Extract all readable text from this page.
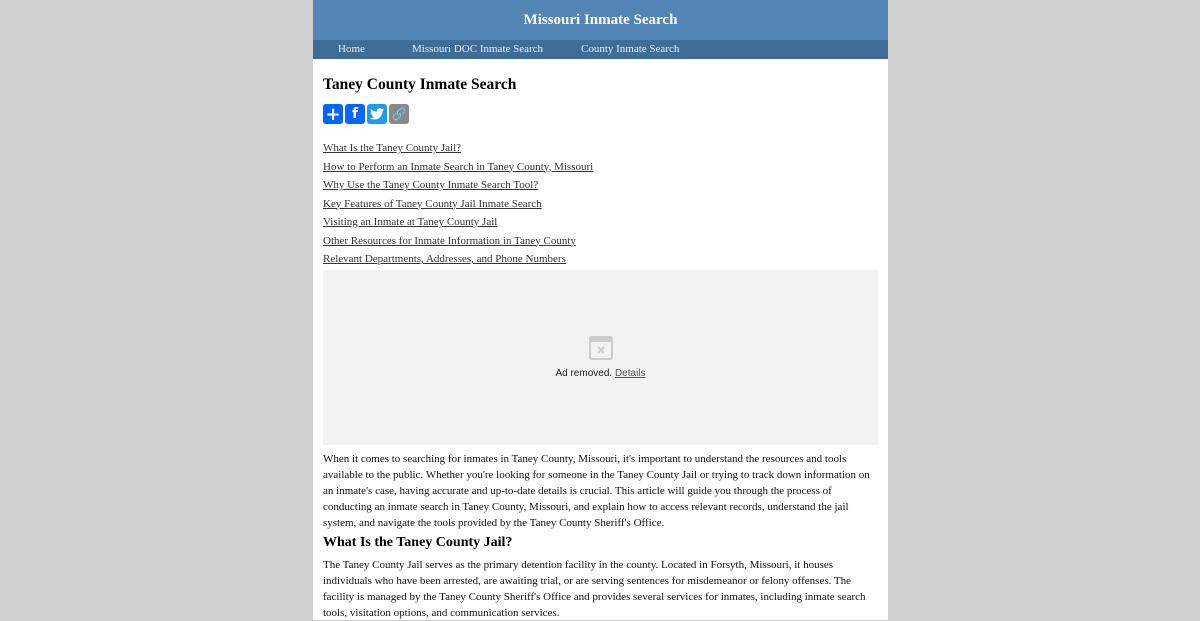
Missouri Inmate Search
Home	Missouri DOC Inmate Search	County Inmate Search
Taney County Inmate Search
+ f	🔗
What Is the Taney County Jail?
How to Perform an Inmate Search in Taney County, Missouri
Why Use the Taney County Inmate Search Tool?
Key Features of Taney County Jail Inmate Search
Visiting an Inmate at Taney County Jail
Other Resources for Inmate Information in Taney County
Relevant Departments, Addresses, and Phone Numbers
Ad removed. Details

When it comes to searching for inmates in Taney County, Missouri, it's important to understand the resources and tools available to the public. Whether you're looking for someone in the Taney County Jail or trying to track down information on an inmate's case, having accurate and up-to-date details is crucial. This article will guide you through the process of conducting an inmate search in Taney County, Missouri, and explain how to access relevant records, understand the jail system, and navigate the tools provided by the Taney County Sheriff's Office.

What Is the Taney County Jail?

The Taney County Jail serves as the primary detention facility in the county. Located in Forsyth, Missouri, it houses individuals who have been arrested, are awaiting trial, or are serving sentences for misdemeanor or felony offenses. The facility is managed by the Taney County Sheriff's Office and provides several services for inmates, including inmate search tools, visitation options, and communication services.
